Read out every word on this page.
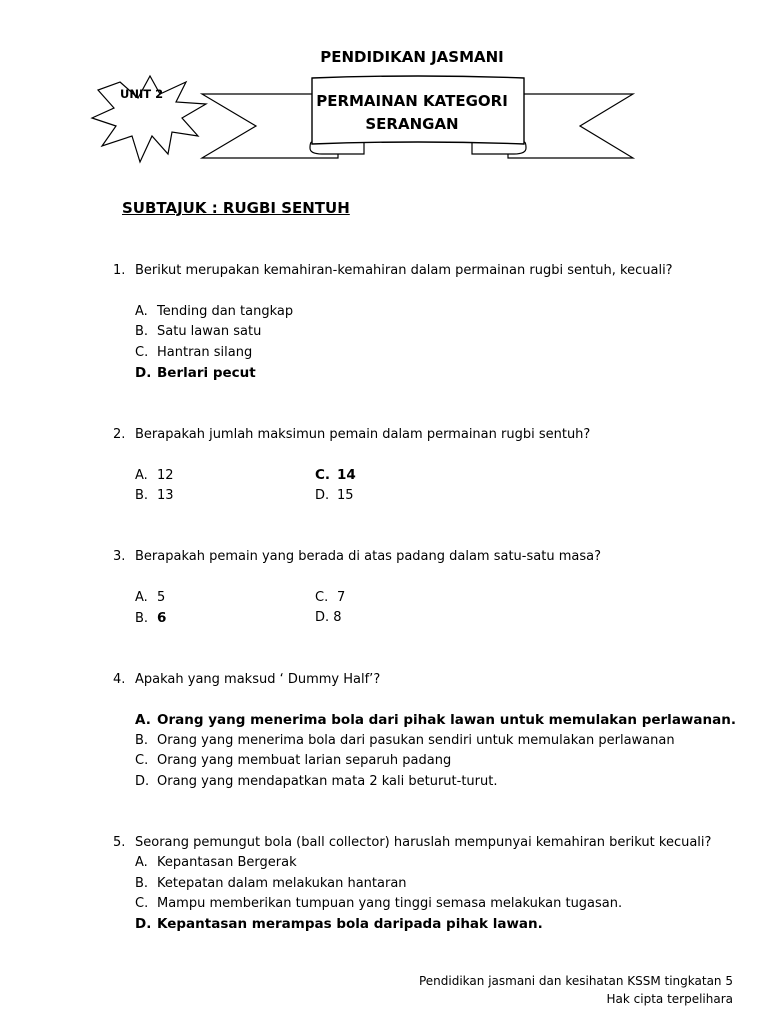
PENDIDIKAN JASMANI
UNIT 2	PERMAINAN KATEGORI
SERANGAN
SUBTAJUK : RUGBI SENTUH
1. Berikut merupakan kemahiran-kemahiran dalam permainan rugbi sentuh, kecuali?
A. Tending dan tangkap
B. Satu lawan satu
C. Hantran silang
D. Berlari pecut
2. Berapakah jumlah maksimun pemain dalam permainan rugbi sentuh?
A. 12
B. 13
C. 14
D. 15
3. Berapakah pemain yang berada di atas padang dalam satu-satu masa?
A. 5
B. 6
C. 7
D. 8
4. Apakah yang maksud ‘ Dummy Half’?
A. Orang yang menerima bola dari pihak lawan untuk memulakan perlawanan.
B. Orang yang menerima bola dari pasukan sendiri untuk memulakan perlawanan
C. Orang yang membuat larian separuh padang
D. Orang yang mendapatkan mata 2 kali beturut-turut.
5. Seorang pemungut bola (ball collector) haruslah mempunyai kemahiran berikut kecuali?
A. Kepantasan Bergerak
B. Ketepatan dalam melakukan hantaran
C. Mampu memberikan tumpuan yang tinggi semasa melakukan tugasan.
D. Kepantasan merampas bola daripada pihak lawan.
Pendidikan jasmani dan kesihatan KSSM tingkatan 5
Hak cipta terpelihara
